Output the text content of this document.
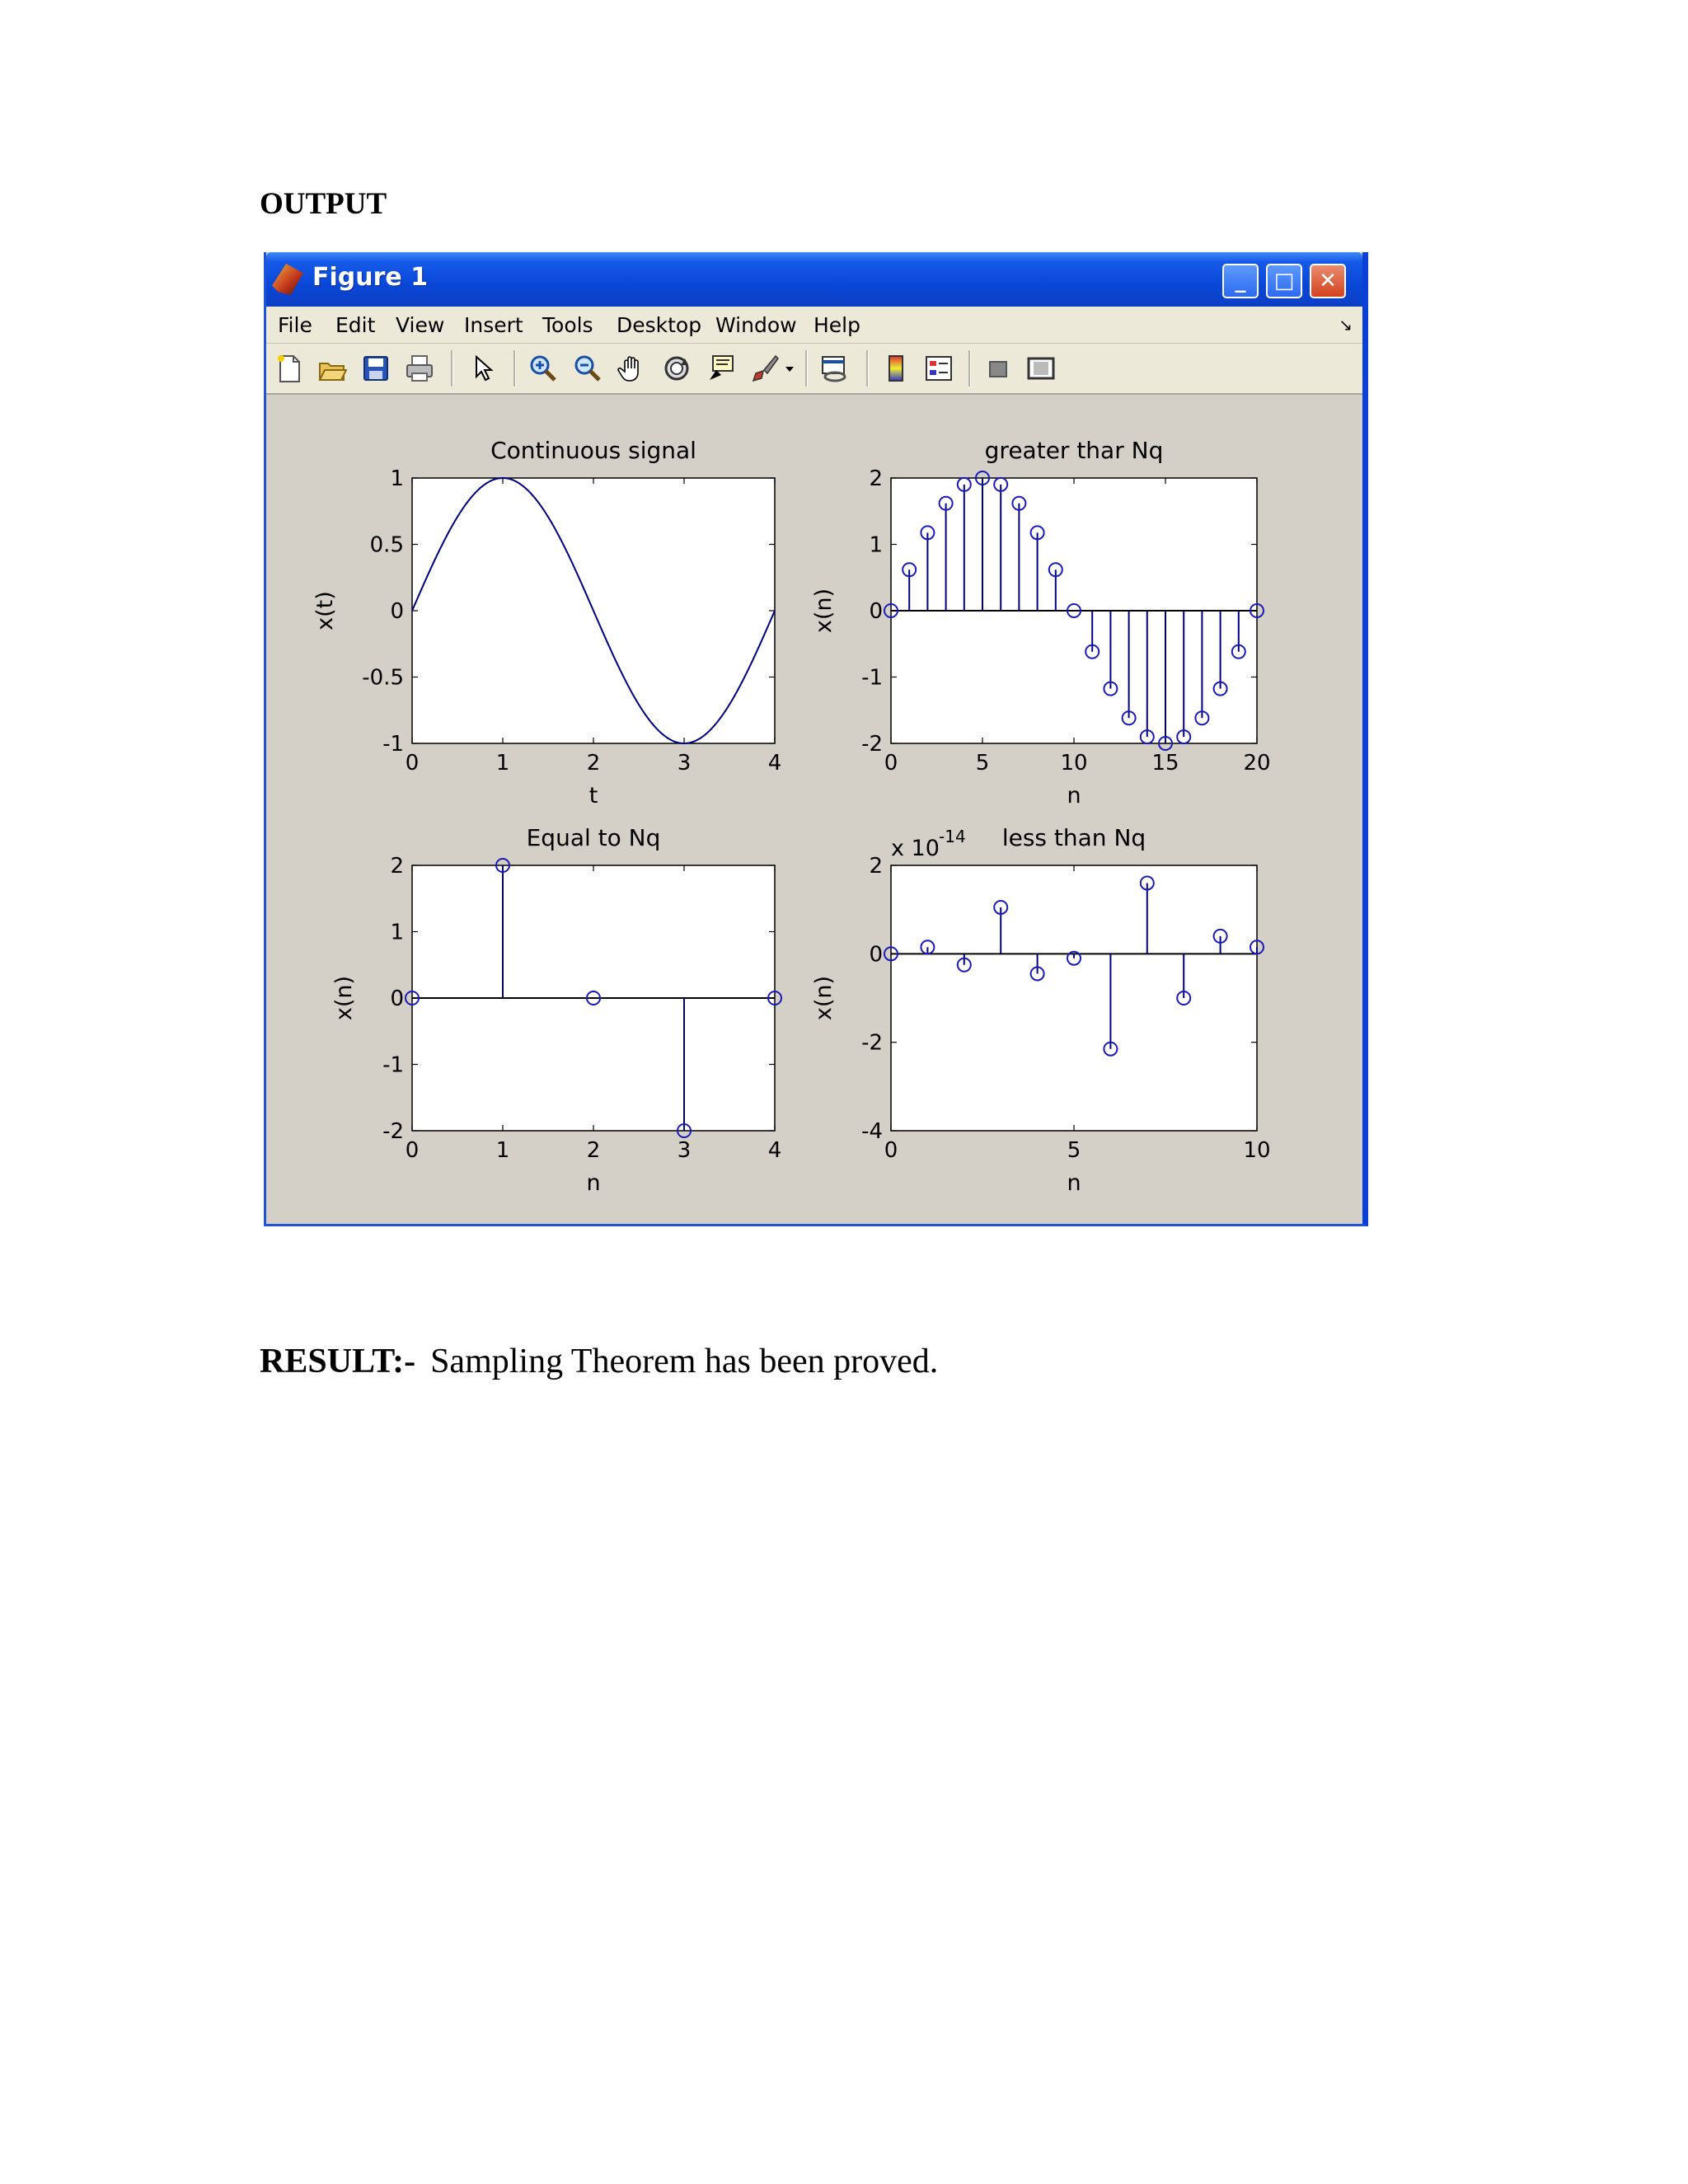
OUTPUT
Figure 1	_	□	✕
File Edit View Insert Tools Desktop Window Help	↘
0	1	2	3	4
-1
-0.5
0
0.5
1
Continuous signal
t
x(t)
0	5	10	15	20
-2
-1
0
1
2
greater thar Nq
n
x(n)
0	1	2	3	4
-2
-1
0
1
2
Equal to Nq
n
x(n)
0	5	10
-4
-2
0
2
less than Nq
n
x(n)
x 10 -14

RESULT:- Sampling Theorem has been proved.
